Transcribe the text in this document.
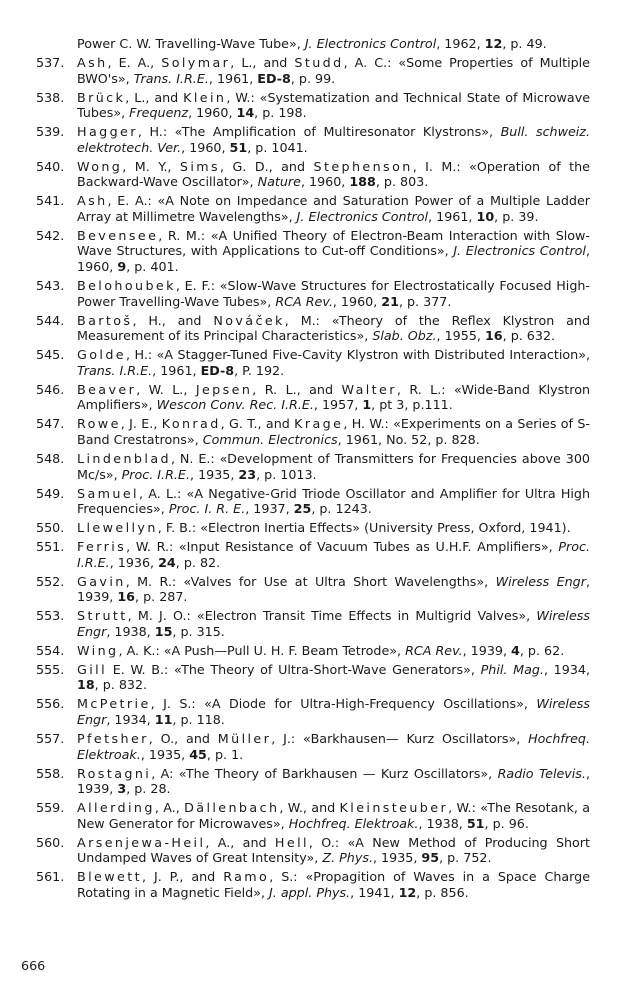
Power C. W. Travelling-Wave Tube», J. Electronics Control, 1962, 12, p. 49.
537.	Ash, E. A., Solymar, L., and Studd, A. C.: «Some Properties of Multiple BWO's», Trans. I.R.E., 1961, ED-8, p. 99.
538.	Brück, L., and Klein, W.: «Systematization and Technical State of Microwave Tubes», Frequenz, 1960, 14, p. 198.
539.	Hagger, H.: «The Amplification of Multiresonator Klystrons», Bull. schweiz. elektrotech. Ver., 1960, 51, p. 1041.
540.	Wong, M. Y., Sims, G. D., and Stephenson, I. M.: «Operation of the Backward-Wave Oscillator», Nature, 1960, 188, p. 803.
541.	Ash, E. A.: «A Note on Impedance and Saturation Power of a Multiple Ladder Array at Millimetre Wavelengths», J. Electronics Control, 1961, 10, p. 39.
542.	Bevensee, R. M.: «A Unified Theory of Electron-Beam Interaction with Slow-Wave Structures, with Applications to Cut-off Conditions», J. Electronics Control, 1960, 9, p. 401.
543.	Belohoubek, E. F.: «Slow-Wave Structures for Electrostatically Focused High-Power Travelling-Wave Tubes», RCA Rev., 1960, 21, p. 377.
544.	Bartoš, H., and Nováček, M.: «Theory of the Reflex Klystron and Measurement of its Principal Characteristics», Slab. Obz., 1955, 16, p. 632.
545.	Golde, H.: «A Stagger-Tuned Five-Cavity Klystron with Distributed Interaction», Trans. I.R.E., 1961, ED-8, P. 192.
546.	Beaver, W. L., Jepsen, R. L., and Walter, R. L.: «Wide-Band Klystron Amplifiers», Wescon Conv. Rec. I.R.E., 1957, 1, pt 3, p.111.
547.	Rowe, J. E., Konrad, G. T., and Krage, H. W.: «Experiments on a Series of S-Band Crestatrons», Commun. Electronics, 1961, No. 52, p. 828.
548.	Lindenblad, N. E.: «Development of Transmitters for Frequencies above 300 Mc/s», Proc. I.R.E., 1935, 23, p. 1013.
549.	Samuel, A. L.: «A Negative-Grid Triode Oscillator and Amplifier for Ultra High Frequencies», Proc. I. R. E., 1937, 25, p. 1243.
550.	Llewellyn, F. B.: «Electron Inertia Effects» (University Press, Oxford, 1941).
551.	Ferris, W. R.: «Input Resistance of Vacuum Tubes as U.H.F. Amplifiers», Proc. I.R.E., 1936, 24, p. 82.
552.	Gavin, M. R.: «Valves for Use at Ultra Short Wavelengths», Wireless Engr, 1939, 16, p. 287.
553.	Strutt, M. J. O.: «Electron Transit Time Effects in Multigrid Valves», Wireless Engr, 1938, 15, p. 315.
554.	Wing, A. K.: «A Push—Pull U. H. F. Beam Tetrode», RCA Rev., 1939, 4, p. 62.
555.	Gill E. W. B.: «The Theory of Ultra-Short-Wave Generators», Phil. Mag., 1934, 18, p. 832.
556.	McPetrie, J. S.: «A Diode for Ultra-High-Frequency Oscillations», Wireless Engr, 1934, 11, p. 118.
557.	Pfetsher, O., and Müller, J.: «Barkhausen— Kurz Oscillators», Hochfreq. Elektroak., 1935, 45, p. 1.
558.	Rostagni, A: «The Theory of Barkhausen — Kurz Oscillators», Radio Televis., 1939, 3, p. 28.
559.	Allerding, A., Dällenbach, W., and Kleinsteuber, W.: «The Resotank, a New Generator for Microwaves», Hochfreq. Elektroak., 1938, 51, p. 96.
560.	Arsenjewa-Heil, A., and Hell, O.: «A New Method of Producing Short Undamped Waves of Great Intensity», Z. Phys., 1935, 95, p. 752.
561.	Blewett, J. P., and Ramo, S.: «Propagition of Waves in a Space Charge Rotating in a Magnetic Field», J. appl. Phys., 1941, 12, p. 856.
666
